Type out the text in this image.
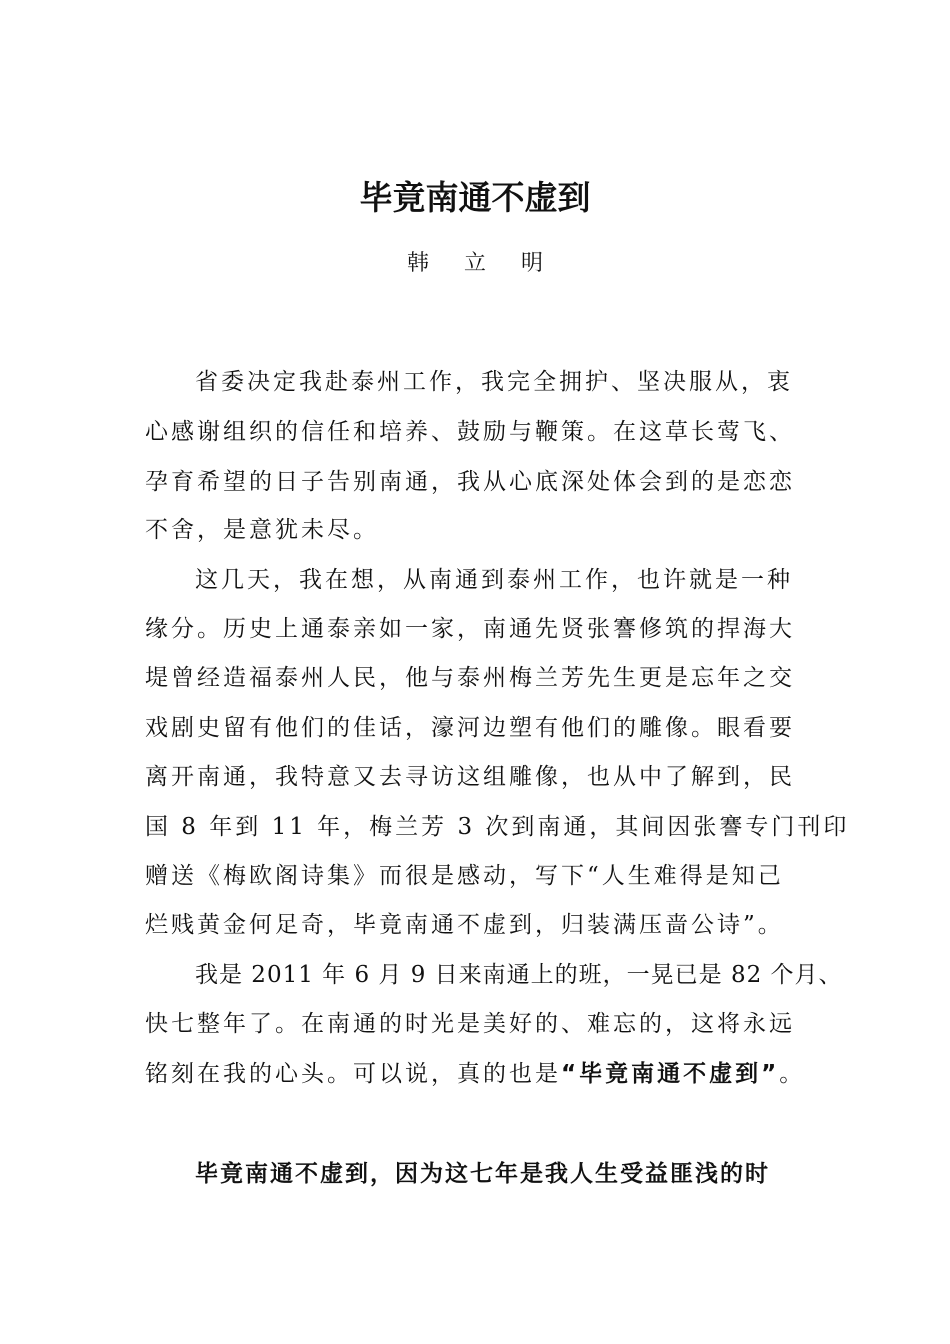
毕竟南通不虚到
韩 立 明
省委决定我赴泰州工作，我完全拥护、坚决服从，衷
心感谢组织的信任和培养、鼓励与鞭策。在这草长莺飞、
孕育希望的日子告别南通，我从心底深处体会到的是恋恋
不舍，是意犹未尽。
这几天，我在想，从南通到泰州工作，也许就是一种
缘分。历史上通泰亲如一家，南通先贤张謇修筑的捍海大
堤曾经造福泰州人民，他与泰州梅兰芳先生更是忘年之交
戏剧史留有他们的佳话，濠河边塑有他们的雕像。眼看要
离开南通，我特意又去寻访这组雕像，也从中了解到，民
国 8 年到 11 年，梅兰芳 3 次到南通，其间因张謇专门刊印
赠送《梅欧阁诗集》而很是感动，写下“人生难得是知己
烂贱黄金何足奇，毕竟南通不虚到，归装满压啬公诗”。
我是 2011 年 6 月 9 日来南通上的班，一晃已是 82 个月、
快七整年了。在南通的时光是美好的、难忘的，这将永远
铭刻在我的心头。可以说，真的也是“毕竟南通不虚到”。
毕竟南通不虚到，因为这七年是我人生受益匪浅的时
